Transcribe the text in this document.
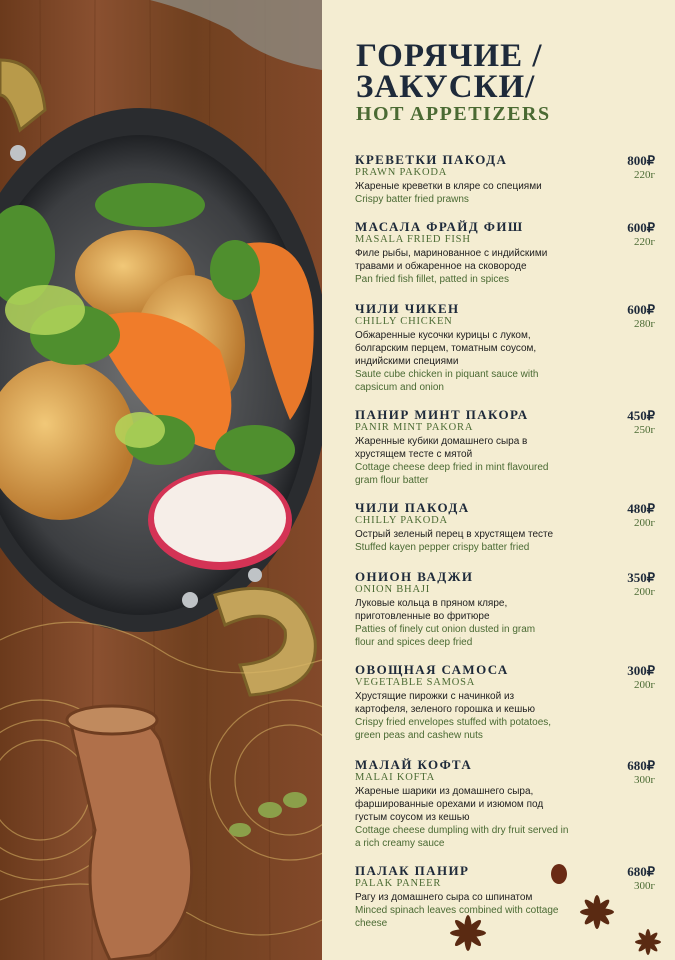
ГОРЯЧИЕ /
ЗАКУСКИ/
HOT APPETIZERS
КРЕВЕТКИ ПАКОДА
PRAWN PAKODA
800₽
220г
Жареные креветки в кляре со специями
Crispy batter fried prawns
МАСАЛА ФРАЙД ФИШ
MASALA FRIED FISH
600₽
220г
Филе рыбы, маринованное с индийскими травами и обжаренное на сковороде
Pan fried fish fillet, patted in spices
ЧИЛИ ЧИКЕН
CHILLY CHICKEN
600₽
280г
Обжаренные кусочки курицы с луком, болгарским перцем, томатным соусом, индийскими специями
Saute cube chicken in piquant sauce with capsicum and onion
ПАНИР МИНТ ПАКОРА
PANIR MINT PAKORA
450₽
250г
Жаренные кубики домашнего сыра в хрустящем тесте с мятой
Cottage cheese deep fried in mint flavoured gram flour batter
ЧИЛИ ПАКОДА
CHILLY PAKODA
480₽
200г
Острый зеленый перец в хрустящем тесте
Stuffed kayen pepper crispy batter fried
ОНИОН ВАДЖИ
ONION BHAJI
350₽
200г
Луковые кольца в пряном кляре, приготовленные во фритюре
Patties of finely cut onion dusted in gram flour and spices deep fried
ОВОЩНАЯ САМОСА
VEGETABLE SAMOSA
300₽
200г
Хрустящие пирожки с начинкой из картофеля, зеленого горошка и кешью
Crispy fried envelopes stuffed with potatoes, green peas and cashew nuts
МАЛАЙ КОФТА
MALAI KOFTA
680₽
300г
Жареные шарики из домашнего сыра, фаршированные орехами и изюмом под густым соусом из кешью
Cottage cheese dumpling with dry fruit served in a rich creamy sauce
ПАЛАК ПАНИР
PALAK PANEER
680₽
300г
Рагу из домашнего сыра со шпинатом
Minced spinach leaves combined with cottage cheese
